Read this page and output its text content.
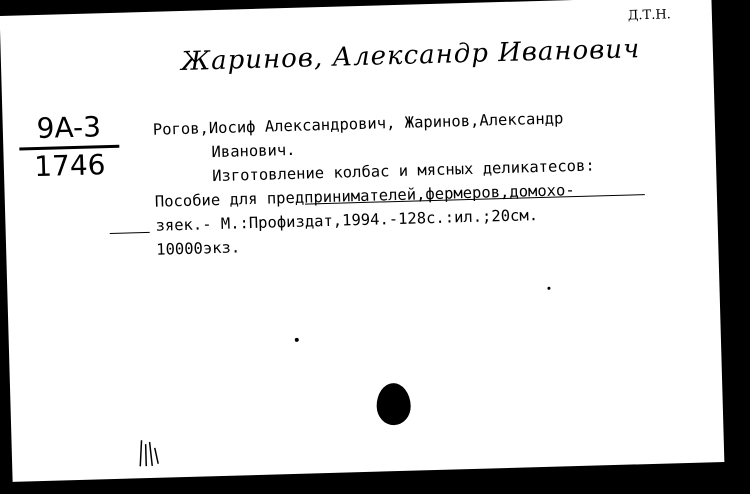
Д.Т.Н.
Жаринов, Александр Иванович
9A-3
1746
Рогов,Иосиф Александрович, Жаринов,Александр
Иванович.
Изготовление колбас и мясных деликатесов:
Пособие для предпринимателей,фермеров,домохо-
зяек.- М.:Профиздат,1994.-128с.:ил.;20см.
10000экз.
